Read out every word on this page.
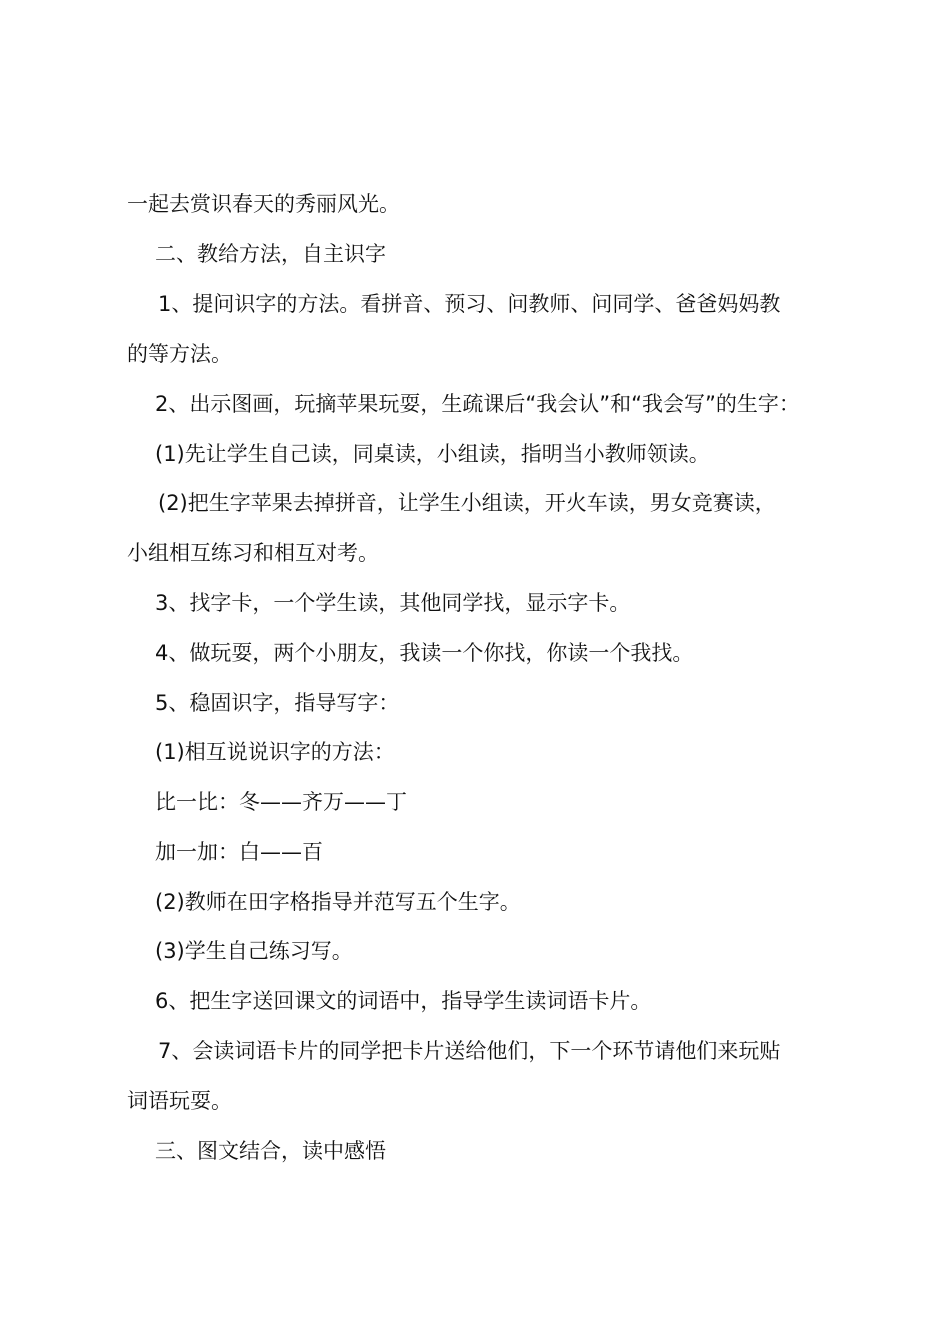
一起去赏识春天的秀丽风光。
二、教给方法，自主识字
1、提问识字的方法。看拼音、预习、问教师、问同学、爸爸妈妈教
的等方法。
2、出示图画，玩摘苹果玩耍，生疏课后“我会认”和“我会写”的生字：
(1)先让学生自己读，同桌读，小组读，指明当小教师领读。
(2)把生字苹果去掉拼音，让学生小组读，开火车读，男女竞赛读，
小组相互练习和相互对考。
3、找字卡，一个学生读，其他同学找，显示字卡。
4、做玩耍，两个小朋友，我读一个你找，你读一个我找。
5、稳固识字，指导写字：
(1)相互说说识字的方法：
比一比：冬——齐万——丁
加一加：白——百
(2)教师在田字格指导并范写五个生字。
(3)学生自己练习写。
6、把生字送回课文的词语中，指导学生读词语卡片。
7、会读词语卡片的同学把卡片送给他们，下一个环节请他们来玩贴
词语玩耍。
三、图文结合，读中感悟
